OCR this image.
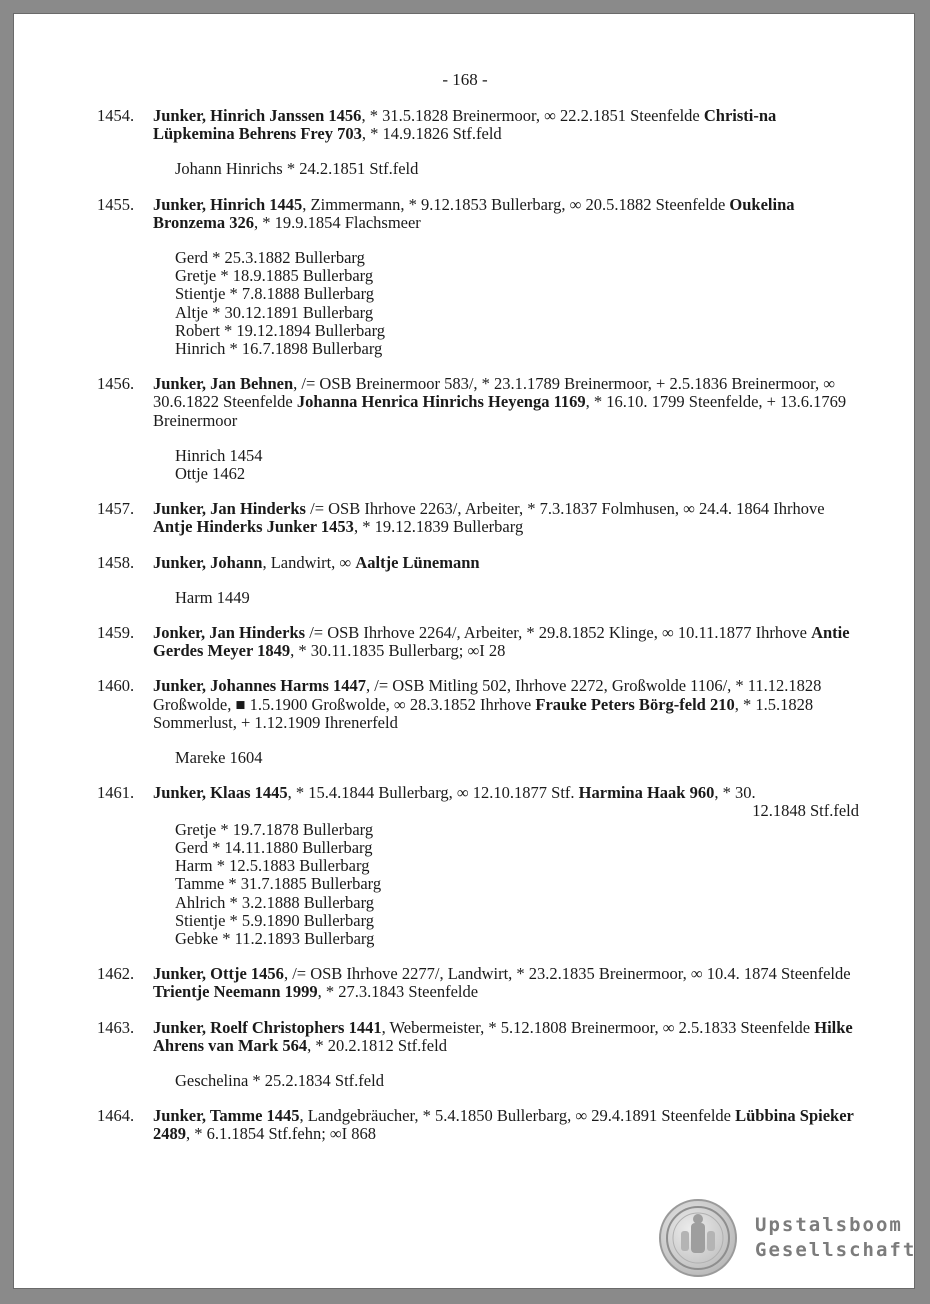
- 168 -
1454. Junker, Hinrich Janssen 1456, * 31.5.1828 Breinermoor, ∞ 22.2.1851 Steenfelde Christi-na Lüpkemina Behrens Frey 703, * 14.9.1826 Stf.feld
Johann Hinrichs * 24.2.1851 Stf.feld
1455. Junker, Hinrich 1445, Zimmermann, * 9.12.1853 Bullerbarg, ∞ 20.5.1882 Steenfelde Oukelina Bronzema 326, * 19.9.1854 Flachsmeer
Gerd * 25.3.1882 Bullerbarg
Gretje * 18.9.1885 Bullerbarg
Stientje * 7.8.1888 Bullerbarg
Altje * 30.12.1891 Bullerbarg
Robert * 19.12.1894 Bullerbarg
Hinrich * 16.7.1898 Bullerbarg
1456. Junker, Jan Behnen, /= OSB Breinermoor 583/, * 23.1.1789 Breinermoor, + 2.5.1836 Breinermoor, ∞ 30.6.1822 Steenfelde Johanna Henrica Hinrichs Heyenga 1169, * 16.10. 1799 Steenfelde, + 13.6.1769 Breinermoor
Hinrich 1454
Ottje 1462
1457. Junker, Jan Hinderks /= OSB Ihrhove 2263/, Arbeiter, * 7.3.1837 Folmhusen, ∞ 24.4. 1864 Ihrhove Antje Hinderks Junker 1453, * 19.12.1839 Bullerbarg
1458. Junker, Johann, Landwirt, ∞ Aaltje Lünemann
Harm 1449
1459. Jonker, Jan Hinderks /= OSB Ihrhove 2264/, Arbeiter, * 29.8.1852 Klinge, ∞ 10.11.1877 Ihrhove Antie Gerdes Meyer 1849, * 30.11.1835 Bullerbarg; ∞I 28
1460. Junker, Johannes Harms 1447, /= OSB Mitling 502, Ihrhove 2272, Großwolde 1106/, * 11.12.1828 Großwolde, ■ 1.5.1900 Großwolde, ∞ 28.3.1852 Ihrhove Frauke Peters Börg-feld 210, * 1.5.1828 Sommerlust, + 1.12.1909 Ihrenerfeld
Mareke 1604
1461. Junker, Klaas 1445, * 15.4.1844 Bullerbarg, ∞ 12.10.1877 Stf. Harmina Haak 960, * 30.
12.1848 Stf.feld
Gretje * 19.7.1878 Bullerbarg
Gerd * 14.11.1880 Bullerbarg
Harm * 12.5.1883 Bullerbarg
Tamme * 31.7.1885 Bullerbarg
Ahlrich * 3.2.1888 Bullerbarg
Stientje * 5.9.1890 Bullerbarg
Gebke * 11.2.1893 Bullerbarg
1462. Junker, Ottje 1456, /= OSB Ihrhove 2277/, Landwirt, * 23.2.1835 Breinermoor, ∞ 10.4. 1874 Steenfelde Trientje Neemann 1999, * 27.3.1843 Steenfelde
1463. Junker, Roelf Christophers 1441, Webermeister, * 5.12.1808 Breinermoor, ∞ 2.5.1833 Steenfelde Hilke Ahrens van Mark 564, * 20.2.1812 Stf.feld
Geschelina * 25.2.1834 Stf.feld
1464. Junker, Tamme 1445, Landgebräucher, * 5.4.1850 Bullerbarg, ∞ 29.4.1891 Steenfelde Lübbina Spieker 2489, * 6.1.1854 Stf.fehn; ∞I 868
Upstalsboom
Gesellschaft
